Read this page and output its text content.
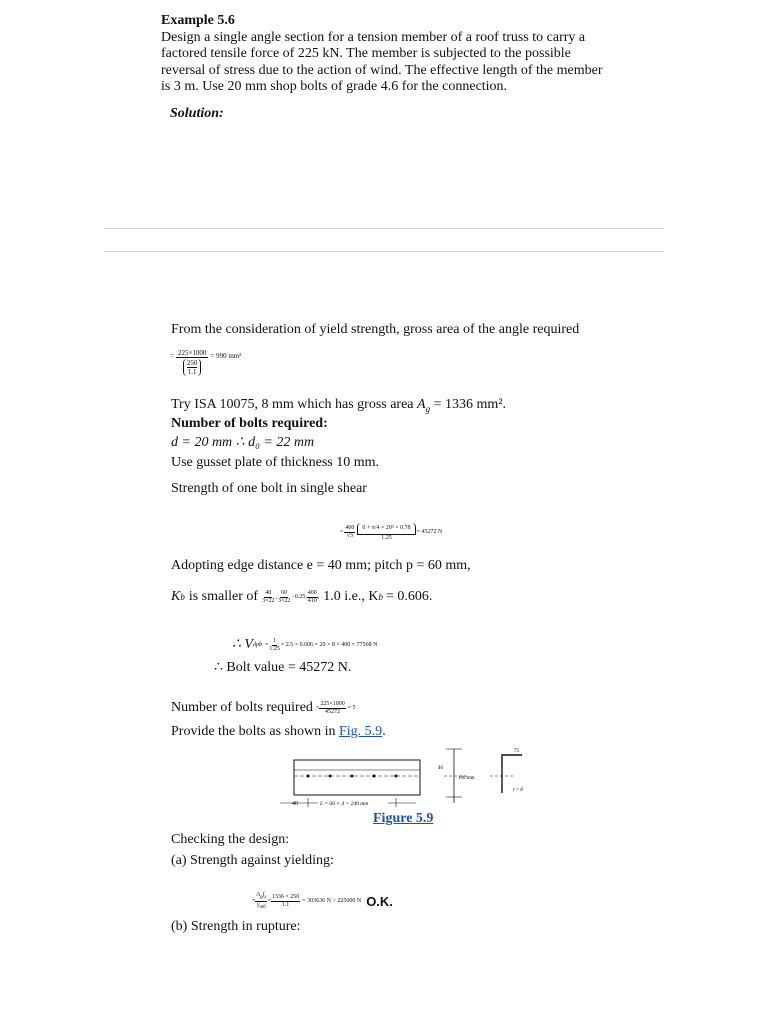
Example 5.6
Design a single angle section for a tension member of a roof truss to carry a
factored tensile force of 225 kN. The member is subjected to the possible
reversal of stress due to the action of wind. The effective length of the member
is 3 m. Use 20 mm shop bolts of grade 4.6 for the connection.
Solution:
From the consideration of yield strength, gross area of the angle required
= $\frac{225\times 1000}{\frac{250}{1.1}} = 990$ mm²
Try ISA 10075, 8 mm which has gross area $A_g = 1336$ mm².
Number of bolts required:
d = 20 mm ∴ d₀ = 22 mm
Use gusset plate of thickness 10 mm.
Strength of one bolt in single shear
= $\frac{400}{√3} \frac{\text{0 + π/4 × 20² × 0.78}}{1.25} = 45272$ N
Adopting edge distance e = 40 mm; pitch p = 60 mm,
K b is smaller of $\frac{40}{3\times 22}$ , $\frac{60}{3\times 22} -0.25$, $\frac{400}{410}$ , 1.0 i.e., K b = 0.606.
∴ V dpb = $\frac{1}{1.25} \times 2.5 \times 0.606 \times 20 \times 8 \times 400 = 77568$ N
∴ Bolt value = 45272 N.
Number of bolts required = $\frac{225\times 1000}{45272} \approx 5$
Provide the bolts as shown in Fig. 5.9.
40	L = 60 × 4 = 240 mm
40
100 mm
75
t = 8
Figure 5.9
Checking the design:
(a) Strength against yielding:
= $\frac{A_gf_y}{\gamma_{m0}} = \frac{1336 \times 250}{1.1} = 303636$ N > 225000 N O.K.
(b) Strength in rupture:
